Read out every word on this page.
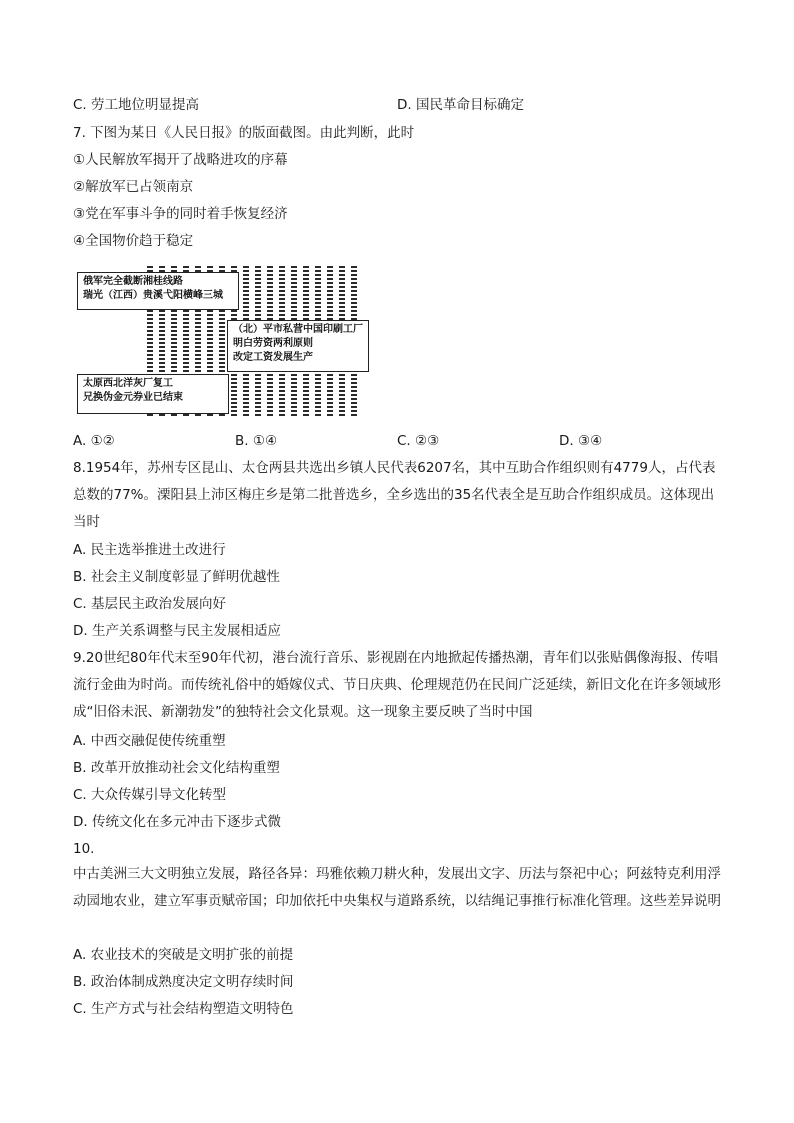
C. 劳工地位明显提高	D. 国民革命目标确定
7. 下图为某日《人民日报》的版面截图。由此判断，此时
①人民解放军揭开了战略进攻的序幕
②解放军已占领南京
③党在军事斗争的同时着手恢复经济
④全国物价趋于稳定
俄军完全截断湘桂线路
瑞光（江西）贵溪弋阳横峰三城
（北）平市私营中国印刷工厂
明白劳资两利原则
改定工资发展生产
太原西北洋灰厂复工
兄换伪金元券业已结束
A. ①②	B. ①④	C. ②③	D. ③④
8.1954年，苏州专区昆山、太仓两县共选出乡镇人民代表6207名，其中互助合作组织则有4779人，占代表总数的77%。溧阳县上沛区梅庄乡是第二批普选乡，全乡选出的35名代表全是互助合作组织成员。这体现出当时
A. 民主选举推进土改进行
B. 社会主义制度彰显了鲜明优越性
C. 基层民主政治发展向好
D. 生产关系调整与民主发展相适应
9.20世纪80年代末至90年代初，港台流行音乐、影视剧在内地掀起传播热潮，青年们以张贴偶像海报、传唱流行金曲为时尚。而传统礼俗中的婚嫁仪式、节日庆典、伦理规范仍在民间广泛延续，新旧文化在许多领域形成“旧俗未泯、新潮勃发”的独特社会文化景观。这一现象主要反映了当时中国
A. 中西交融促使传统重塑
B. 改革开放推动社会文化结构重塑
C. 大众传媒引导文化转型
D. 传统文化在多元冲击下逐步式微
10.
中古美洲三大文明独立发展，路径各异：玛雅依赖刀耕火种，发展出文字、历法与祭祀中心；阿兹特克利用浮动园地农业，建立军事贡赋帝国；印加依托中央集权与道路系统，以结绳记事推行标准化管理。这些差异说明
A. 农业技术的突破是文明扩张的前提
B. 政治体制成熟度决定文明存续时间
C. 生产方式与社会结构塑造文明特色
